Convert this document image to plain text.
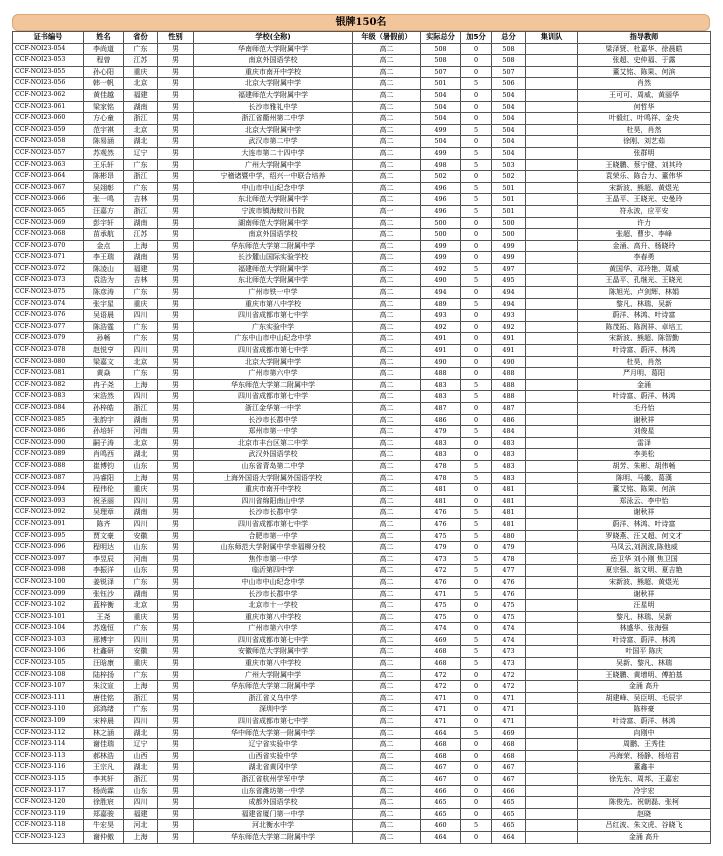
银牌150名
证书编号	姓名	省份	性别	学校(全称)	年级（暑假前）	实际总分	加5分	总分	集训队	指导教师
CCF-NOI23-054	李尚道	广东	男	华南师范大学附属中学	高二	508	0	508		梁泽贤、杜嘉华、徐晨皓
CCF-NOI23-053	程曾	江苏	男	南京外国语学校	高二	508	0	508		张超、史仲福、于露
CCF-NOI23-055	孙心阳	重庆	男	重庆市南开中学校	高二	507	0	507		董艾铭、陈果、何滨
CCF-NOI23-056	韩一帆	北京	男	北京大学附属中学	高二	501	5	506		肖然
CCF-NOI23-062	黄佳越	福建	男	福建师范大学附属中学	高二	504	0	504		王可可、周威、黄丽华
CCF-NOI23-061	梁家铭	湖南	男	长沙市雅礼中学	高二	504	0	504		何哲华
CCF-NOI23-060	方心童	浙江	男	浙江省衢州第二中学	高二	504	0	504		叶毅红、叶鸣祥、金央
CCF-NOI23-059	范宇祺	北京	男	北京大学附属中学	高二	499	5	504		杜昊，肖然
CCF-NOI23-058	陈易涵	湖北	男	武汉市第二中学	高二	504	0	504		徐刚、刘艺茹
CCF-NOI23-057	苏观然	辽宁	男	大连市第二十四中学	高二	499	5	504		张群明
CCF-NOI23-063	王乐轩	广东	男	广州大学附属中学	高二	498	5	503		王晓鹏、蔡宁健、刘其玲
CCF-NOI23-064	陈彬昂	浙江	男	宁稽诸暨中学，绍兴一中联合培养	高二	502	0	502		袁荣乐、陈合力、董伟华
CCF-NOI23-067	吴翊彰	广东	男	中山市中山纪念中学	高二	496	5	501		宋新波、熊超、黄煜光
CCF-NOI23-066	张一鸣	吉林	男	东北师范大学附属中学	高二	496	5	501		王晶平、王晓光、史曼玲
CCF-NOI23-065	汪嘉方	浙江	男	宁波市镇海蛟川书院	高一	496	5	501		符永波，应平安
CCF-NOI23-069	彭宇轩	湖南	男	湖南师范大学附属中学	高二	500	0	500		许力
CCF-NOI23-068	苗承航	江苏	男	南京外国语学校	高二	500	0	500		张超、曹步、李峰
CCF-NOI23-070	金点	上海	男	华东师范大学第二附属中学	高二	499	0	499		金涌、高升、杨晓玲
CCF-NOI23-071	李王瑞	湖南	男	长沙麓山国际实验学校	高二	499	0	499		李春勇
CCF-NOI23-072	陈凌山	福建	男	福建师范大学附属中学	高二	492	5	497		黄国华、邓玲艳、周威
CCF-NOI23-073	袁浩为	吉林	男	东北师范大学附属中学	高二	490	5	495		王晶平、孔继光、王晓光
CCF-NOI23-075	陈彦涛	广东	男	广州市铁一中学	高二	494	0	494		陈旭光、卢剑辉、林娟
CCF-NOI23-074	张宇星	重庆	男	重庆市第八中学校	高二	489	5	494		黎凡、林瑞、吴新
CCF-NOI23-076	吴语晨	四川	男	四川省成都市第七中学	高二	493	0	493		蔚洋、林鸿、叶诗富
CCF-NOI23-077	陈浩霆	广东	男	广东实验中学	高二	492	0	492		陈茂拓、陈润祥、卓培工
CCF-NOI23-079	孙畅	广东	男	广东中山市中山纪念中学	高二	491	0	491		宋新波、熊超、陈智勤
CCF-NOI23-078	赵悦亨	四川	男	四川省成都市第七中学	高二	491	0	491		叶诗富、蔚洋、林鸿
CCF-NOI23-080	梁嘉文	北京	男	北京大学附属中学	高二	490	0	490		杜昊，肖然
CCF-NOI23-081	黄焱	广东	男	广州市第六中学	高二	488	0	488		严月明、葛阳
CCF-NOI23-082	冉子尧	上海	男	华东师范大学第二附属中学	高二	483	5	488		金涌
CCF-NOI23-083	宋浩然	四川	男	四川省成都市第七中学	高二	483	5	488		叶诗富、蔚洋、林鸿
CCF-NOI23-084	孙梓皓	浙江	男	浙江金华第一中学	高二	487	0	487		毛丹怡
CCF-NOI23-085	张韵宇	湖南	男	长沙市长郡中学	高二	486	0	486		谢秋祥
CCF-NOI23-086	孙培轩	河南	男	郑州市第一中学	高二	479	5	484		刘俊星
CCF-NOI23-090	嗣子涛	北京	男	北京市丰台区第二中学	高二	483	0	483		雷泽
CCF-NOI23-089	肖鸣西	湖北	男	武汉外国语学校	高二	483	0	483		李美松
CCF-NOI23-088	崔博钧	山东	男	山东省青岛第二中学	高二	478	5	483		胡芳、朱彬、胡伟畅
CCF-NOI23-087	冯睿阳	上海	男	上海外国语大学附属外国语学校	高二	478	5	483		陈明、马畿、葛漢
CCF-NOI23-094	程伟伦	重庆	男	重庆市南开中学校	高二	481	0	481		董艾铭、陈果、何滨
CCF-NOI23-093	祝圣丽	四川	男	四川省绵阳南山中学	高二	481	0	481		郑泳云、李中怡
CCF-NOI23-092	吴理章	湖南	男	长沙市长郡中学	高二	476	5	481		谢秋祥
CCF-NOI23-091	陈齐	四川	男	四川省成都市第七中学	高二	476	5	481		蔚洋、林鸿、叶诗富
CCF-NOI23-095	贾文豪	安徽	男	合肥市第一中学	高二	475	5	480		罗晓燕、汪又超、何文才
CCF-NOI23-096	程明达	山东	男	山东师范大学附属中学幸福柳分校	高二	479	0	479		马凤云,刘润波,陈他威
CCF-NOI23-097	李昱辰	河南	男	焦作市第一中学	高二	473	5	478		岳卫华 刘小刚 焦卫国
CCF-NOI23-098	李振洋	山东	男	临沂第四中学	高二	472	5	477		夏宗强、翁文明、夏吉艳
CCF-NOI23-100	姜锐泽	广东	男	中山市中山纪念中学	高二	476	0	476		宋新波、熊超、黄煜光
CCF-NOI23-099	张钰沙	湖南	男	长沙市长郡中学	高二	471	5	476		谢秋祥
CCF-NOI23-102	蓝梓衡	北京	男	北京市十一学校	高二	475	0	475		汪星明
CCF-NOI23-101	王尧	重庆	男	重庆市第八中学校	高二	475	0	475		黎凡、林瑞、吴新
CCF-NOI23-104	苏逸恒	广东	男	广州市第六中学	高二	474	0	474		林盛华、张海强
CCF-NOI23-103	邢博宇	四川	男	四川省成都市第七中学	高二	469	5	474		叶诗富、蔚洋、林鸿
CCF-NOI23-106	杜鑫研	安徽	男	安徽师范大学附属中学	高二	468	5	473		叶国平 陈庆
CCF-NOI23-105	汪晗康	重庆	男	重庆市第八中学校	高二	468	5	473		吴新、黎凡、林瑞
CCF-NOI23-108	陆梓扬	广东	男	广州大学附属中学	高二	472	0	472		王晓鹏、黄增明、傅拍基
CCF-NOI23-107	朱汶宣	上海	男	华东师范大学第二附属中学	高二	472	0	472		金涌 高升
CCF-NOI23-111	唐佳铭	浙江	男	浙江省义乌中学	高二	471	0	471		胡建峰、吴臣明、毛辰宇
CCF-NOI23-110	邱鸿绪	广东	男	深圳中学	高二	471	0	471		陈梓豪
CCF-NOI23-109	宋梓晨	四川	男	四川省成都市第七中学	高二	471	0	471		叶诗富、蔚洋、林鸿
CCF-NOI23-112	林之涵	湖北	男	华中师范大学第一附属中学	高二	464	5	469		向刚中
CCF-NOI23-114	谢佳瑞	辽宁	男	辽宁省实验中学	高二	468	0	468		周鹏、王秀佳
CCF-NOI23-113	郝林浩	山西	男	山西省实验中学	高二	468	0	468		冯海荣、杨静、杨培君
CCF-NOI23-116	王宗凡	湖北	男	湖北省黄冈中学	高二	467	0	467		董鑫丰
CCF-NOI23-115	李其轩	浙江	男	浙江省杭州学军中学	高二	467	0	467		徐先东、周邦、王嘉宏
CCF-NOI23-117	杨尚霖	山东	男	山东省潍坊第一中学	高二	466	0	466		冷宇宏
CCF-NOI23-120	徐胜宸	四川	男	成都外国语学校	高二	465	0	465		陈俊先、祝朝磊、张柯
CCF-NOI23-119	郑嘉骏	福建	男	福建省厦门第一中学	高二	465	0	465		赵晓
CCF-NOI23-118	牛宏昊	河北	男	河北衡水中学	高二	460	5	465		吕红波、朱文虎、谷晓飞
CCF-NOI23-123	谢仲傲	上海	男	华东师范大学第二附属中学	高二	464	0	464		金涌 高升
